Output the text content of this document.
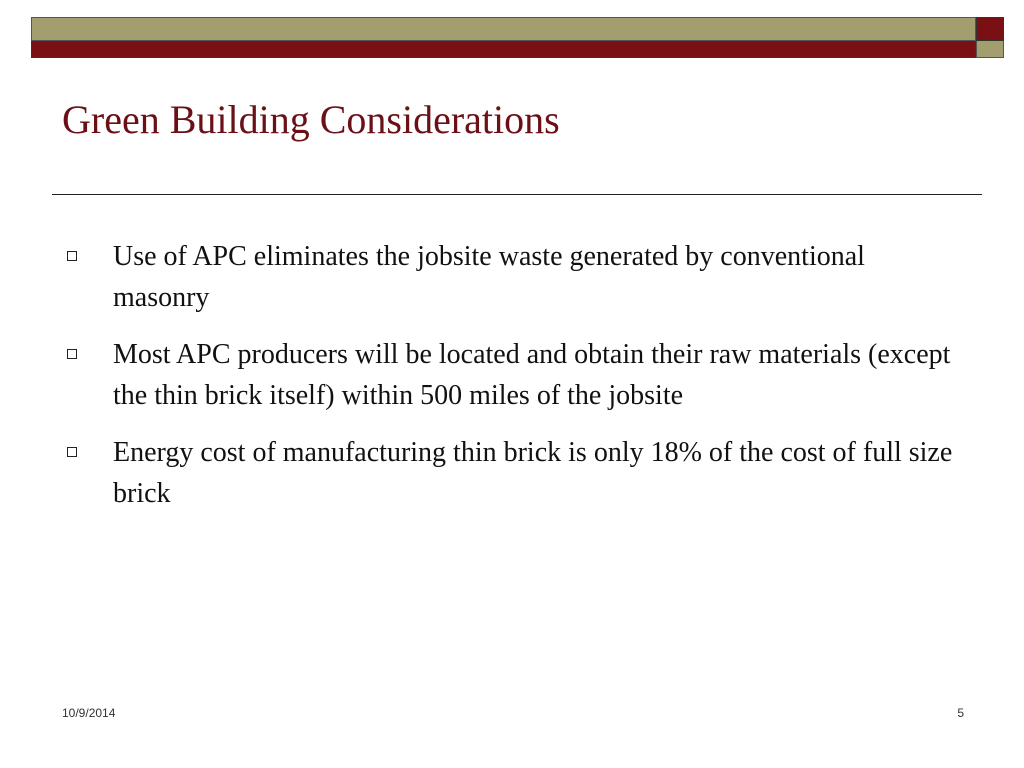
Green Building Considerations
Use of APC eliminates the jobsite waste generated by conventional masonry
Most APC producers will be located and obtain their raw materials (except the thin brick itself) within 500 miles of the jobsite
Energy cost of manufacturing thin brick is only 18% of the cost of full size brick
10/9/2014	5
